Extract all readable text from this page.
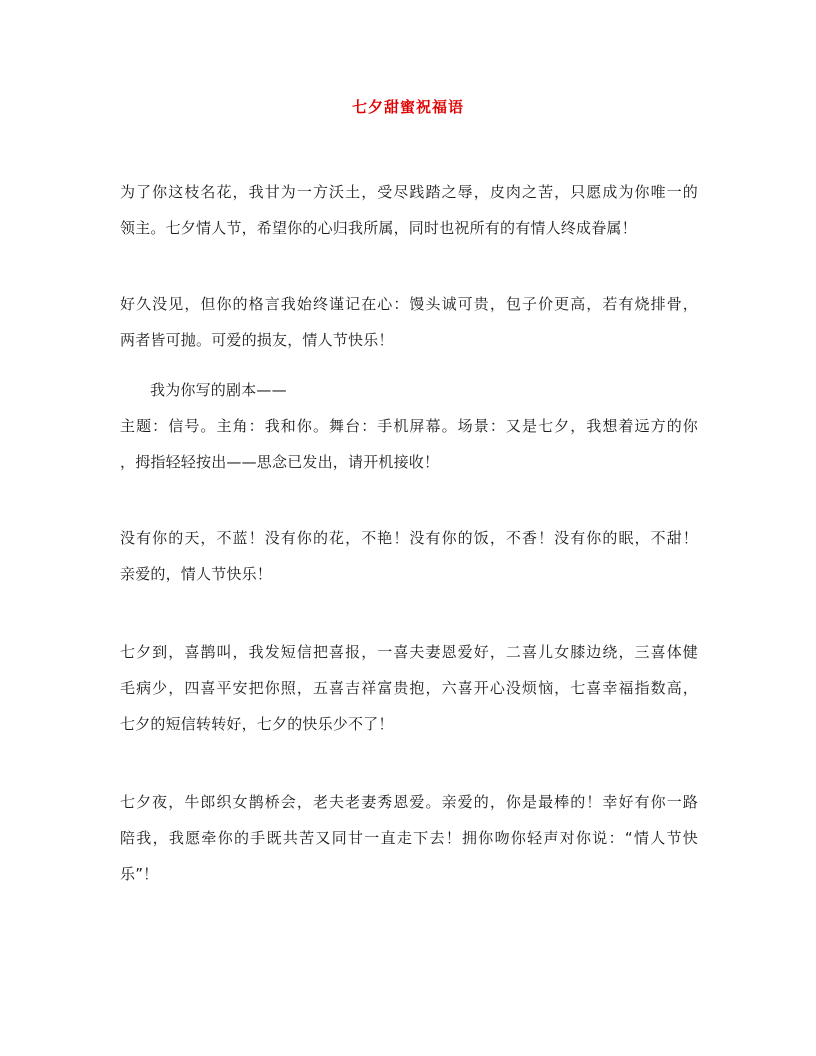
七夕甜蜜祝福语

为了你这枝名花，我甘为一方沃土，受尽践踏之辱，皮肉之苦，只愿成为你唯一的
领主。七夕情人节，希望你的心归我所属，同时也祝所有的有情人终成眷属！

好久没见，但你的格言我始终谨记在心：馒头诚可贵，包子价更高，若有烧排骨，
两者皆可抛。可爱的损友，情人节快乐！

我为你写的剧本——
主题：信号。主角：我和你。舞台：手机屏幕。场景：又是七夕，我想着远方的你
，拇指轻轻按出——思念已发出，请开机接收！

没有你的天，不蓝！没有你的花，不艳！没有你的饭，不香！没有你的眠，不甜！
亲爱的，情人节快乐！

七夕到，喜鹊叫，我发短信把喜报，一喜夫妻恩爱好，二喜儿女膝边绕，三喜体健
毛病少，四喜平安把你照，五喜吉祥富贵抱，六喜开心没烦恼，七喜幸福指数高，
七夕的短信转转好，七夕的快乐少不了！

七夕夜，牛郎织女鹊桥会，老夫老妻秀恩爱。亲爱的，你是最棒的！幸好有你一路
陪我，我愿牵你的手既共苦又同甘一直走下去！拥你吻你轻声对你说：“情人节快
乐”！
